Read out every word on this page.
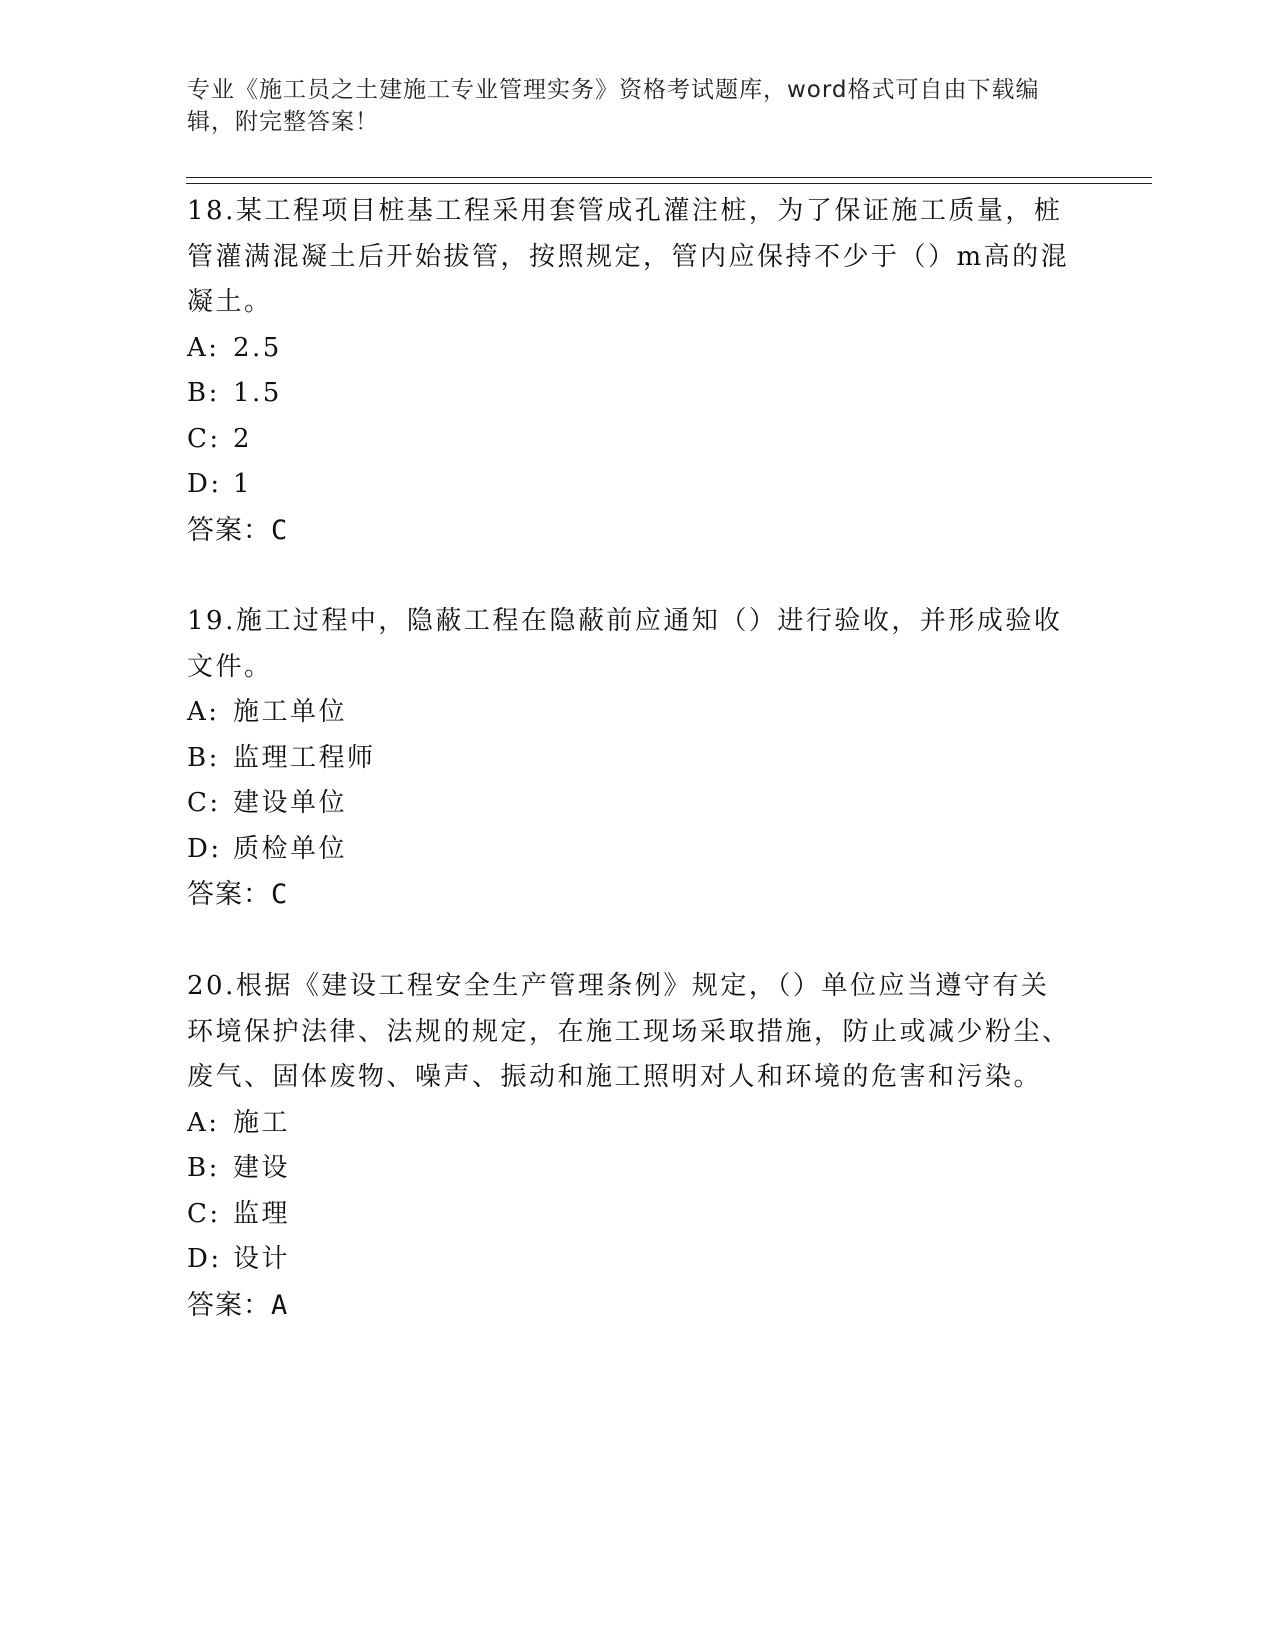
专业《施工员之土建施工专业管理实务》资格考试题库，word格式可自由下载编
辑，附完整答案！

18.某工程项目桩基工程采用套管成孔灌注桩，为了保证施工质量，桩管灌满混凝土后开始拔管，按照规定，管内应保持不少于（）m高的混凝土。

A: 2.5
B: 1.5
C: 2
D: 1
答案：C

19.施工过程中，隐蔽工程在隐蔽前应通知（）进行验收，并形成验收文件。

A: 施工单位
B: 监理工程师
C: 建设单位
D: 质检单位
答案：C

20.根据《建设工程安全生产管理条例》规定，（）单位应当遵守有关环境保护法律、法规的规定，在施工现场采取措施，防止或减少粉尘、废气、固体废物、噪声、振动和施工照明对人和环境的危害和污染。

A: 施工
B: 建设
C: 监理
D: 设计
答案：A
